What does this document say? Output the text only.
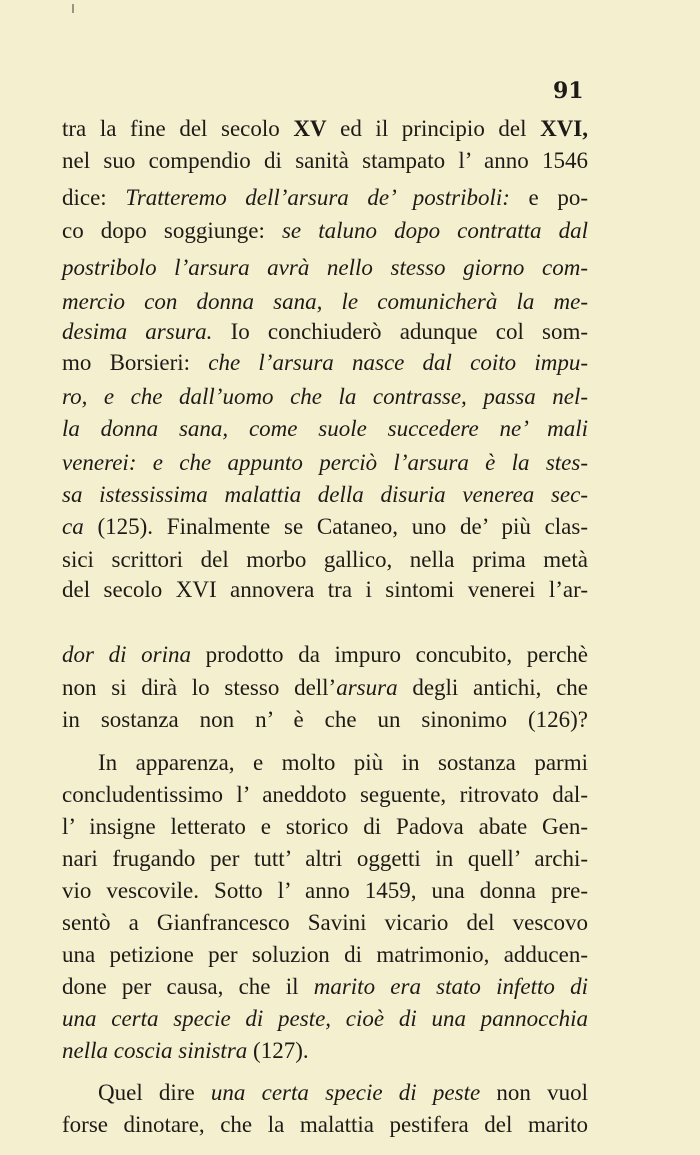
91
tra la fine del secolo XV ed il principio del XVI,
nel suo compendio di sanità stampato l’ anno 1546
dice: Tratteremo dell’arsura de’ postriboli: e po-
co dopo soggiunge: se taluno dopo contratta dal
postribolo l’arsura avrà nello stesso giorno com-
mercio con donna sana, le comunicherà la me-
desima arsura. Io conchiuderò adunque col som-
mo Borsieri: che l’arsura nasce dal coito impu-
ro, e che dall’uomo che la contrasse, passa nel-
la donna sana, come suole succedere ne’ mali
venerei: e che appunto perciò l’arsura è la stes-
sa istessissima malattia della disuria venerea sec-
ca (125). Finalmente se Cataneo, uno de’ più clas-
sici scrittori del morbo gallico, nella prima metà
del secolo XVI annovera tra i sintomi venerei l’ar-
dor di orina prodotto da impuro concubito, perchè
non si dirà lo stesso dell’arsura degli antichi, che
in sostanza non n’ è che un sinonimo (126)?
In apparenza, e molto più in sostanza parmi
concludentissimo l’ aneddoto seguente, ritrovato dal-
l’ insigne letterato e storico di Padova abate Gen-
nari frugando per tutt’ altri oggetti in quell’ archi-
vio vescovile. Sotto l’ anno 1459, una donna pre-
sentò a Gianfrancesco Savini vicario del vescovo
una petizione per soluzion di matrimonio, adducen-
done per causa, che il marito era stato infetto di
una certa specie di peste, cioè di una pannocchia
nella coscia sinistra (127).
Quel dire una certa specie di peste non vuol
forse dinotare, che la malattia pestifera del marito
